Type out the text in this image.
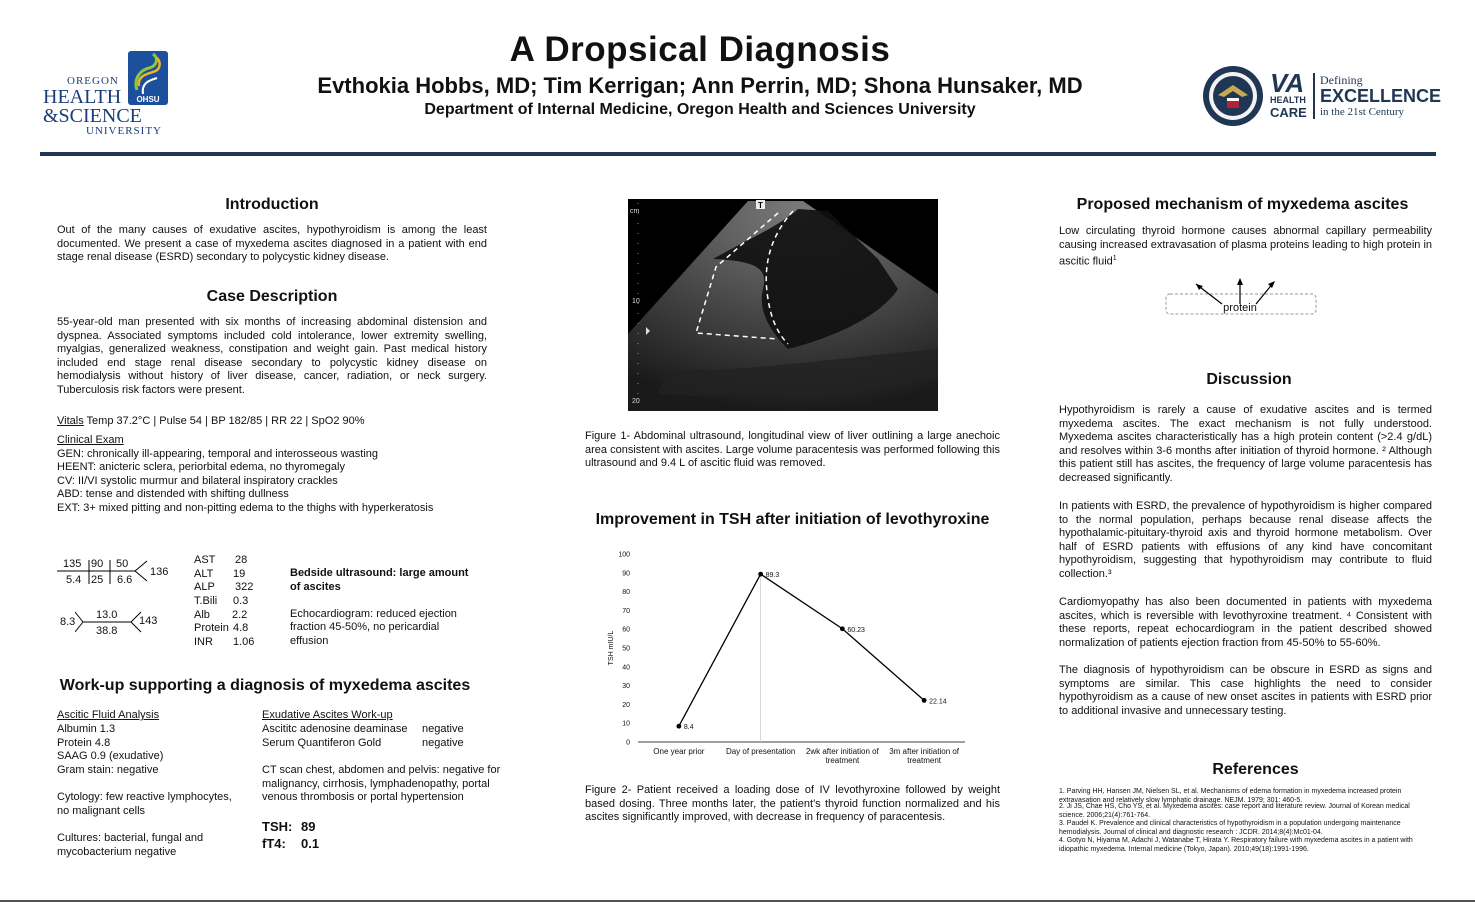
A Dropsical Diagnosis
Evthokia Hobbs, MD; Tim Kerrigan; Ann Perrin, MD; Shona Hunsaker, MD
Department of Internal Medicine, Oregon Health and Sciences University
OREGON
HEALTH
&SCIENCE
UNIVERSITY
OHSU
VA
HEALTH
CARE
Defining
EXCELLENCE
in the 21st Century
Introduction

Out of the many causes of exudative ascites, hypothyroidism is among the least documented. We present a case of myxedema ascites diagnosed in a patient with end stage renal disease (ESRD) secondary to polycystic kidney disease.

Case Description

55-year-old man presented with six months of increasing abdominal distension and dyspnea. Associated symptoms included cold intolerance, lower extremity swelling, myalgias, generalized weakness, constipation and weight gain. Past medical history included end stage renal disease secondary to polycystic kidney disease on hemodialysis without history of liver disease, cancer, radiation, or neck surgery. Tuberculosis risk factors were present.

Vitals Temp 37.2°C | Pulse 54 | BP 182/85 | RR 22 | SpO2 90%
Clinical Exam
GEN: chronically ill-appearing, temporal and interosseous wasting
HEENT: anicteric sclera, periorbital edema, no thyromegaly
CV: II/VI systolic murmur and bilateral inspiratory crackles
ABD: tense and distended with shifting dullness
EXT: 3+ mixed pitting and non-pitting edema to the thighs with hyperkeratosis
135 90 50
5.4 25 6.6
136
8.3
13.0
38.8
143
AST 28
ALT 19
ALP 322
T.Bili 0.3
Alb 2.2
Protein 4.8
INR 1.06
Bedside ultrasound: large amount
of ascites
Echocardiogram: reduced ejection
fraction 45-50%, no pericardial
effusion
Work-up supporting a diagnosis of myxedema ascites
Ascitic Fluid Analysis
Albumin 1.3
Protein 4.8
SAAG 0.9 (exudative)
Gram stain: negative
Cytology: few reactive lymphocytes,
no malignant cells
Cultures: bacterial, fungal and
mycobacterium negative
Exudative Ascites Work-up
Ascititc adenosine deaminase negative
Serum Quantiferon Gold	negative
CT scan chest, abdomen and pelvis: negative for
malignancy, cirrhosis, lymphadenopathy, portal
venous thrombosis or portal hypertension
TSH: 89
fT4: 0.1
cm
10
20
T

Figure 1- Abdominal ultrasound, longitudinal view of liver outlining a large anechoic area consistent with ascites. Large volume paracentesis was performed following this ultrasound and 9.4 L of ascitic fluid was removed.

Improvement in TSH after initiation of levothyroxine
0
10
20
30
40
50
60
70
80
90
100
TSH mIU/L
8.4
89.3
60.23
22.14
One year prior	Day of presentation 2wk after initiation of
treatment
3m after initiation of
treatment

Figure 2- Patient received a loading dose of IV levothyroxine followed by weight based dosing. Three months later, the patient's thyroid function normalized and his ascites significantly improved, with decrease in frequency of paracentesis.

Proposed mechanism of myxedema ascites

Low circulating thyroid hormone causes abnormal capillary permeability causing increased extravasation of plasma proteins leading to high protein in ascitic fluid$^1$

protein
Discussion

Hypothyroidism is rarely a cause of exudative ascites and is termed myxedema ascites. The exact mechanism is not fully understood. Myxedema ascites characteristically has a high protein content (>2.4 g/dL) and resolves within 3-6 months after initiation of thyroid hormone. ² Although this patient still has ascites, the frequency of large volume paracentesis has decreased significantly.

In patients with ESRD, the prevalence of hypothyroidism is higher compared to the normal population, perhaps because renal disease affects the hypothalamic-pituitary-thyroid axis and thyroid hormone metabolism. Over half of ESRD patients with effusions of any kind have concomitant hypothyroidism, suggesting that hypothyroidism may contribute to fluid collection.³

Cardiomyopathy has also been documented in patients with myxedema ascites, which is reversible with levothyroxine treatment. ⁴ Consistent with these reports, repeat echocardiogram in the patient described showed normalization of patients ejection fraction from 45-50% to 55-60%.

The diagnosis of hypothyroidism can be obscure in ESRD as signs and symptoms are similar. This case highlights the need to consider hypothyroidism as a cause of new onset ascites in patients with ESRD prior to additional invasive and unnecessary testing.

References
1. Parving HH, Hansen JM, Nielsen SL, et al. Mechanisms of edema formation in myxedema increased protein extravasation and relatively slow lymphatic drainage. NEJM. 1979; 301: 460-5.
2. Ji JS, Chae HS, Cho YS, et al. Myxedema ascites: case report and literature review. Journal of Korean medical science. 2006;21(4):761-764.
3. Paudel K. Prevalence and clinical characteristics of hypothyroidism in a population undergoing maintenance hemodialysis. Journal of clinical and diagnostic research : JCDR. 2014;8(4):Mc01-04.
4. Gotyo N, Hiyama M, Adachi J, Watanabe T, Hirata Y. Respiratory failure with myxedema ascites in a patient with idiopathic myxedema. Internal medicine (Tokyo, Japan). 2010;49(18):1991-1996.
